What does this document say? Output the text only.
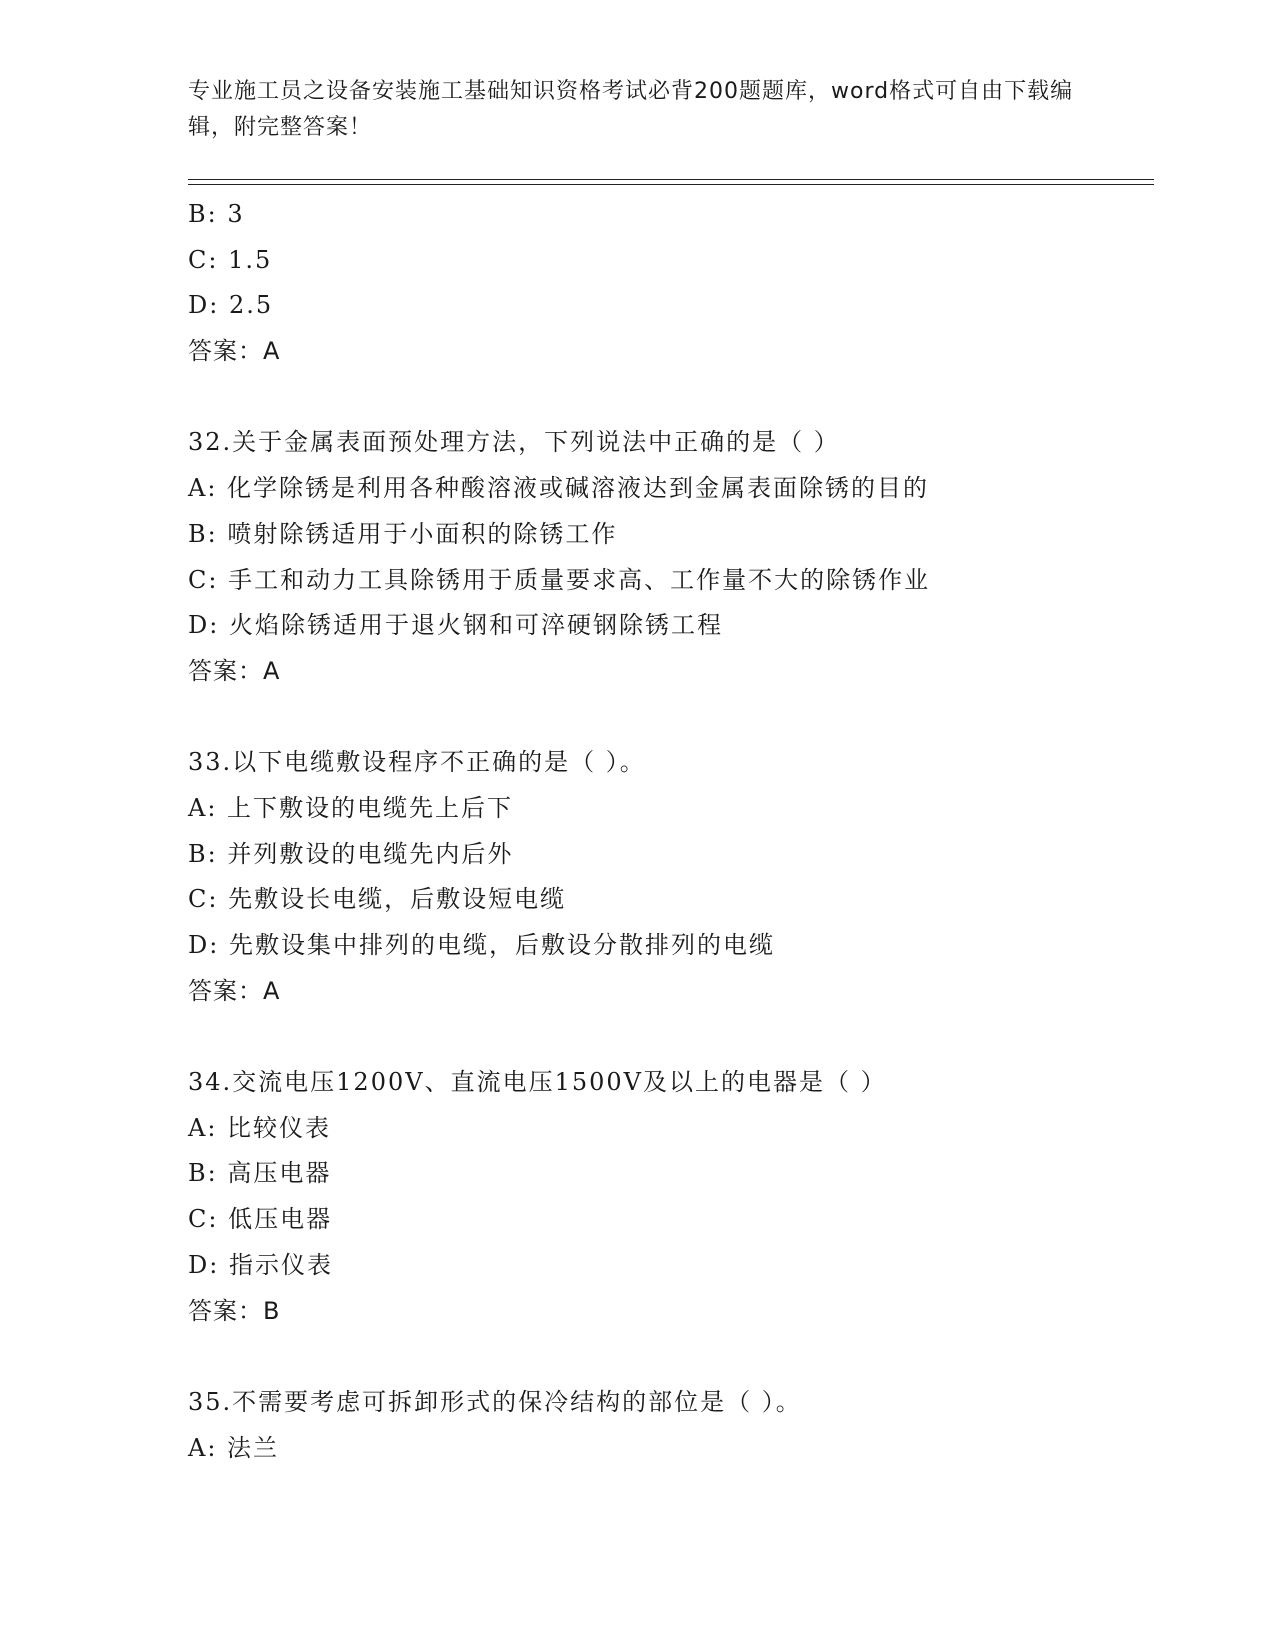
专业施工员之设备安装施工基础知识资格考试必背200题题库，word格式可自由下载编辑，附完整答案！
B: 3
C: 1.5
D: 2.5
答案：A
32.关于金属表面预处理方法，下列说法中正确的是（ ）
A: 化学除锈是利用各种酸溶液或碱溶液达到金属表面除锈的目的
B: 喷射除锈适用于小面积的除锈工作
C: 手工和动力工具除锈用于质量要求高、工作量不大的除锈作业
D: 火焰除锈适用于退火钢和可淬硬钢除锈工程
答案：A
33.以下电缆敷设程序不正确的是（ ）。
A: 上下敷设的电缆先上后下
B: 并列敷设的电缆先内后外
C: 先敷设长电缆，后敷设短电缆
D: 先敷设集中排列的电缆，后敷设分散排列的电缆
答案：A
34.交流电压1200V、直流电压1500V及以上的电器是（ ）
A: 比较仪表
B: 高压电器
C: 低压电器
D: 指示仪表
答案：B
35.不需要考虑可拆卸形式的保冷结构的部位是（ ）。
A: 法兰
